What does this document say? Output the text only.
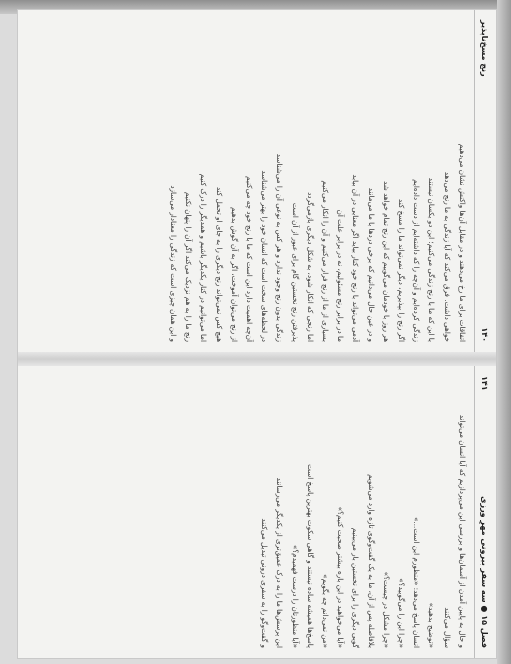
۱۴۰
رنج مسخ‌ناپذیر
اتفاقات برای ما رخ می‌دهند و در مقابل آن‌ها واکنش نشان می‌دهیم
خواهی داشت. فرق می‌کند که آیا زندگی به ما رنج می‌دهد
یا این که ما با رنج زندگی می‌کنیم؛ این دو یکسان نیستند
زندگی کرده‌ایم و آن‌چه را که داشته‌ایم از دست داده‌ایم
اگر رنج را بپذیریم، دیگر نمی‌تواند ما را مسخ کند
هر روز با خودمان می‌گوییم که این رنج تمام خواهد شد
و در عین حال می‌دانیم که برخی دردها با ما می‌مانند
آدمی می‌تواند با رنج خود کنار بیاید اگر معنایی در آن بیابد
ما در برابر رنج مسئولیم، نه در برابر علت آن
بسیاری از ما از رنج فرار می‌کنیم و آن را انکار می‌کنیم
اما رنجی که انکار شود، به شکل دیگری بازمی‌گردد
پذیرفتن رنج نخستین گام برای عبور از آن است
زندگی بدون رنج وجود ندارد و هر کس به نوعی آن را می‌شناسد
در لحظه‌های سخت است که انسان خود را بهتر می‌شناسد
آن‌چه اهمیت دارد این است که ما با رنج خود چه می‌کنیم
از رنج می‌توان آموخت، اگر به آن گوش بدهیم
هیچ کس نمی‌تواند رنج دیگری را به جای او تحمل کند
اما می‌توانیم در کنار یکدیگر باشیم و همدیگر را درک کنیم
رنج ما را به هم نزدیک می‌کند اگر آن را پنهان نکنیم
و این همان چیزی است که زندگی را معنادار می‌سازد
فصل ۱۵ ● سه سفر بیرونی مهرِ ورزی
۱۴۱
و حال به پایین آمدن از آسمان‌ها و بررسی این می‌پردازیم که آیا انسان می‌تواند
سؤال می‌کنند
«توضیح بدهید»
انسان پاسخ می‌دهد: «منظورم این است...»
«چرا این را می‌گویید؟»
«چرا مشکل در چیست؟»
بلافاصله پس از آن، ما به یک گفت‌وگوی تازه وارد می‌شویم
گویی دیگری را برای نخستین بار می‌بینیم
«آیا می‌خواهید در این باره بیشتر صحبت کنیم؟»
«من نمی‌دانم چه بگویم»
پاسخ‌ها همیشه ساده نیستند و گاهی سکوت بهترین پاسخ است
«آیا منظورتان را درست فهمیدم؟»
این پرسش‌ها ما را به درک عمیق‌تری از یکدیگر می‌رسانند
و گفت‌وگو را به سفری درونی تبدیل می‌کنند
